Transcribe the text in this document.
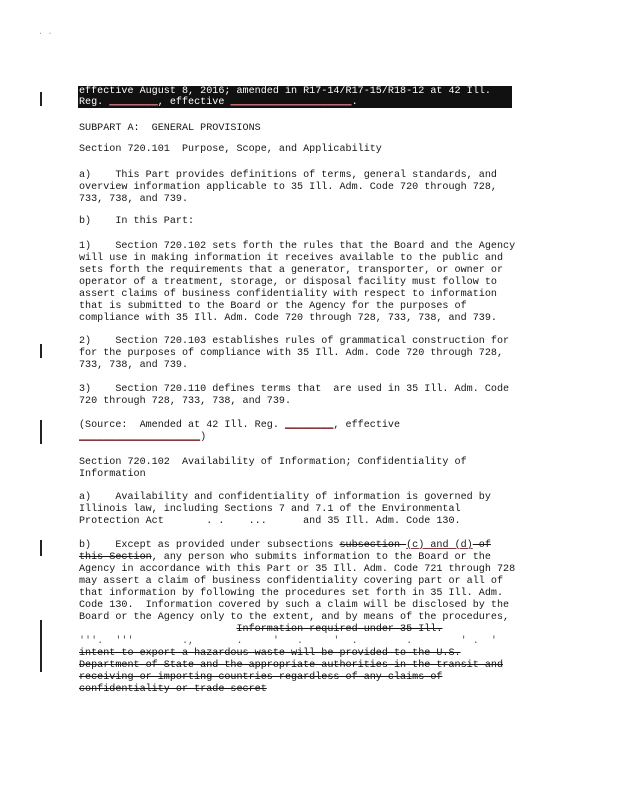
. .
effective August 8, 2016; amended in R17-14/R17-15/R18-12 at 42 Ill.
Reg. ________, effective ____________________.
SUBPART A:  GENERAL PROVISIONS
Section 720.101  Purpose, Scope, and Applicability
a)    This Part provides definitions of terms, general standards, and
overview information applicable to 35 Ill. Adm. Code 720 through 728,
733, 738, and 739.
b)    In this Part:
1)    Section 720.102 sets forth the rules that the Board and the Agency
will use in making information it receives available to the public and
sets forth the requirements that a generator, transporter, or owner or
operator of a treatment, storage, or disposal facility must follow to
assert claims of business confidentiality with respect to information
that is submitted to the Board or the Agency for the purposes of
compliance with 35 Ill. Adm. Code 720 through 728, 733, 738, and 739.
2)    Section 720.103 establishes rules of grammatical construction for
for the purposes of compliance with 35 Ill. Adm. Code 720 through 728,
733, 738, and 739.
3)    Section 720.110 defines terms that  are used in 35 Ill. Adm. Code
720 through 728, 733, 738, and 739.
(Source:  Amended at 42 Ill. Reg. ________, effective
____________________)
Section 720.102  Availability of Information; Confidentiality of
Information
a)    Availability and confidentiality of information is governed by
Illinois law, including Sections 7 and 7.1 of the Environmental
Protection Act       . .    ...      and 35 Ill. Adm. Code 130.
b)    Except as provided under subsections subsection (c) and (d) of
this Section, any person who submits information to the Board or the
Agency in accordance with this Part or 35 Ill. Adm. Code 721 through 728
may assert a claim of business confidentiality covering part or all of
that information by following the procedures set forth in 35 Ill. Adm.
Code 130.  Information covered by such a claim will be disclosed by the
Board or the Agency only to the extent, and by means of the procedures,
Information required under 35 Ill.
'''.  '''        .,       .     '   .     '  .        .        ' .  '
intent to export a hazardous waste will be provided to the U.S.
Department of State and the appropriate authorities in the transit and
receiving or importing countries regardless of any claims of
confidentiality or trade secret
